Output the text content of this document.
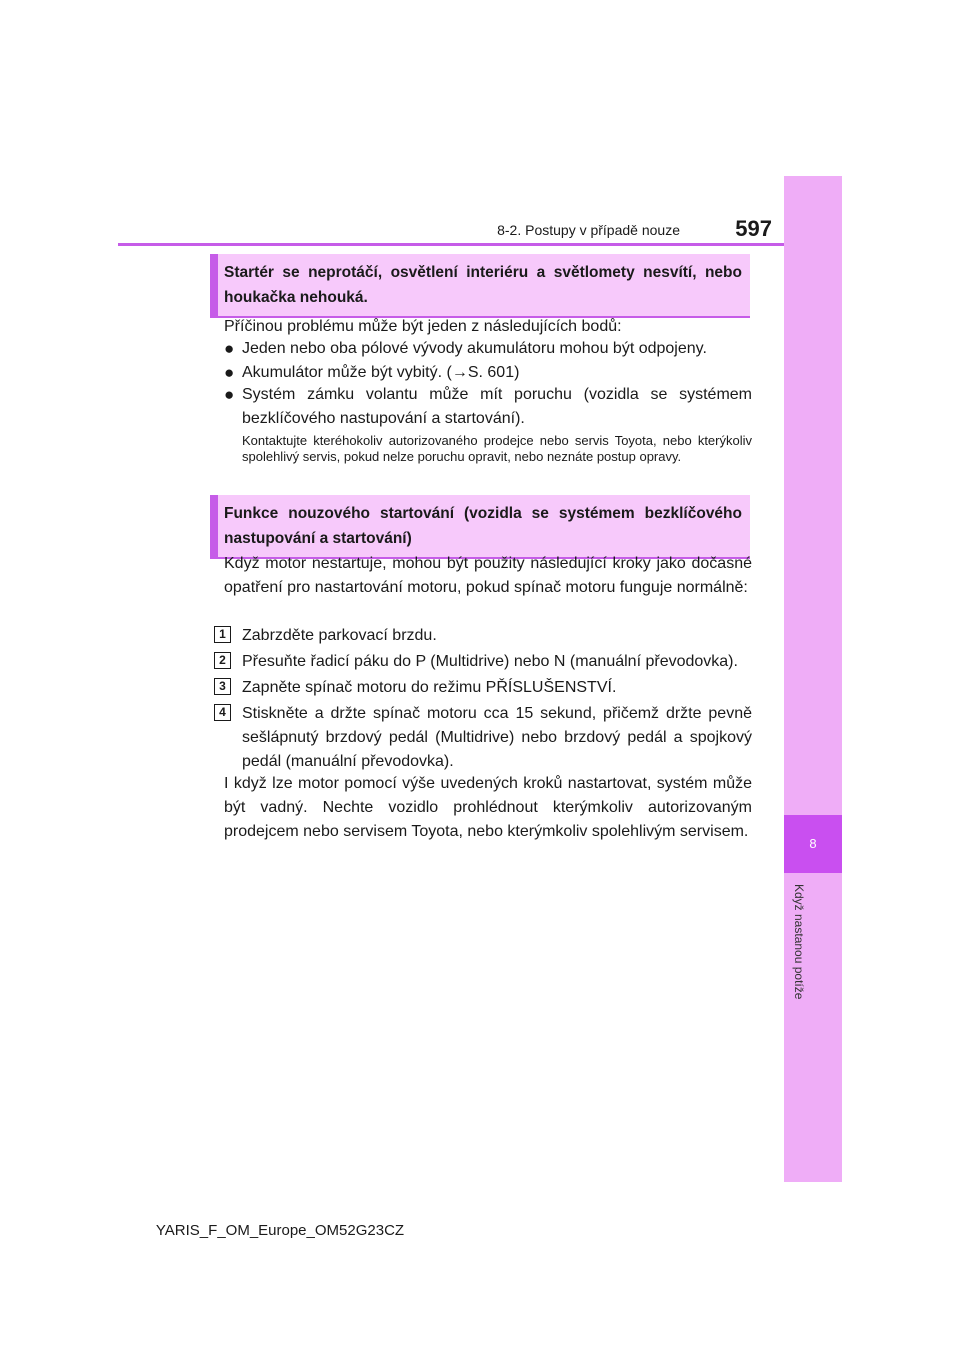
8-2. Postupy v případě nouze	597
8
Když nastanou potíže
Startér se neprotáčí, osvětlení interiéru a světlomety nesvítí, nebo houkačka nehouká.
Příčinou problému může být jeden z následujících bodů:
● Jeden nebo oba pólové vývody akumulátoru mohou být odpojeny.
● Akumulátor může být vybitý. (→S. 601)
● Systém zámku volantu může mít poruchu (vozidla se systémem bezklíčového nastupování a startování).
Kontaktujte kteréhokoliv autorizovaného prodejce nebo servis Toyota, nebo kterýkoliv spolehlivý servis, pokud nelze poruchu opravit, nebo neznáte postup opravy.
Funkce nouzového startování (vozidla se systémem bezklíčového nastupování a startování)
Když motor nestartuje, mohou být použity následující kroky jako dočasné opatření pro nastartování motoru, pokud spínač motoru funguje normálně:
1	Zabrzděte parkovací brzdu.
2	Přesuňte řadicí páku do P (Multidrive) nebo N (manuální převodovka).
3	Zapněte spínač motoru do režimu PŘÍSLUŠENSTVÍ.
4	Stiskněte a držte spínač motoru cca 15 sekund, přičemž držte pevně sešlápnutý brzdový pedál (Multidrive) nebo brzdový pedál a spojkový pedál (manuální převodovka).
I když lze motor pomocí výše uvedených kroků nastartovat, systém může být vadný. Nechte vozidlo prohlédnout kterýmkoliv autorizovaným prodejcem nebo servisem Toyota, nebo kterýmkoliv spolehlivým servisem.
YARIS_F_OM_Europe_OM52G23CZ
